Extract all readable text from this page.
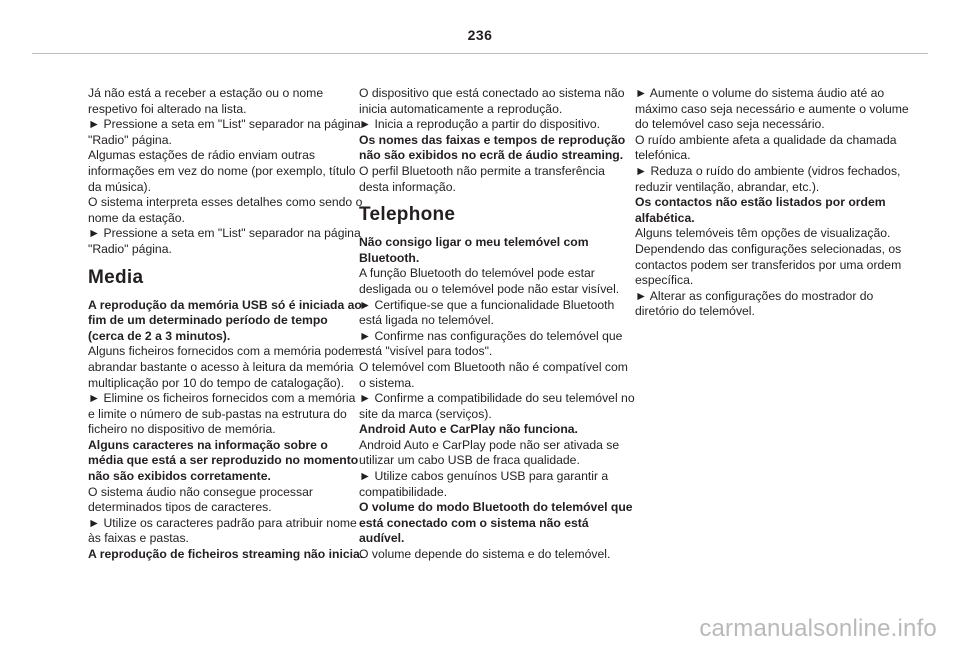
236

Já não está a receber a estação ou o nome respetivo foi alterado na lista.

► Pressione a seta em "List" separador na página "Radio" página.

Algumas estações de rádio enviam outras informações em vez do nome (por exemplo, título da música).

O sistema interpreta esses detalhes como sendo o nome da estação.

► Pressione a seta em "List" separador na página "Radio" página.

Media

A reprodução da memória USB só é iniciada ao fim de um determinado período de tempo (cerca de 2 a 3 minutos).

Alguns ficheiros fornecidos com a memória podem abrandar bastante o acesso à leitura da memória multiplicação por 10 do tempo de catalogação).

► Elimine os ficheiros fornecidos com a memória e limite o número de sub-pastas na estrutura do ficheiro no dispositivo de memória.

Alguns caracteres na informação sobre o média que está a ser reproduzido no momento não são exibidos corretamente.

O sistema áudio não consegue processar determinados tipos de caracteres.

► Utilize os caracteres padrão para atribuir nome às faixas e pastas.

A reprodução de ficheiros streaming não inicia.

O dispositivo que está conectado ao sistema não inicia automaticamente a reprodução.

► Inicia a reprodução a partir do dispositivo.

Os nomes das faixas e tempos de reprodução não são exibidos no ecrã de áudio streaming.

O perfil Bluetooth não permite a transferência desta informação.

Telephone

Não consigo ligar o meu telemóvel com Bluetooth.

A função Bluetooth do telemóvel pode estar desligada ou o telemóvel pode não estar visível.

► Certifique-se que a funcionalidade Bluetooth está ligada no telemóvel.

► Confirme nas configurações do telemóvel que está "visível para todos".

O telemóvel com Bluetooth não é compatível com o sistema.

► Confirme a compatibilidade do seu telemóvel no site da marca (serviços).

Android Auto e CarPlay não funciona.

Android Auto e CarPlay pode não ser ativada se utilizar um cabo USB de fraca qualidade.

► Utilize cabos genuínos USB para garantir a compatibilidade.

O volume do modo Bluetooth do telemóvel que está conectado com o sistema não está audível.

O volume depende do sistema e do telemóvel.

► Aumente o volume do sistema áudio até ao máximo caso seja necessário e aumente o volume do telemóvel caso seja necessário.

O ruído ambiente afeta a qualidade da chamada telefónica.

► Reduza o ruído do ambiente (vidros fechados, reduzir ventilação, abrandar, etc.).

Os contactos não estão listados por ordem alfabética.

Alguns telemóveis têm opções de visualização. Dependendo das configurações selecionadas, os contactos podem ser transferidos por uma ordem específica.

► Alterar as configurações do mostrador do diretório do telemóvel.

carmanualsonline.info
